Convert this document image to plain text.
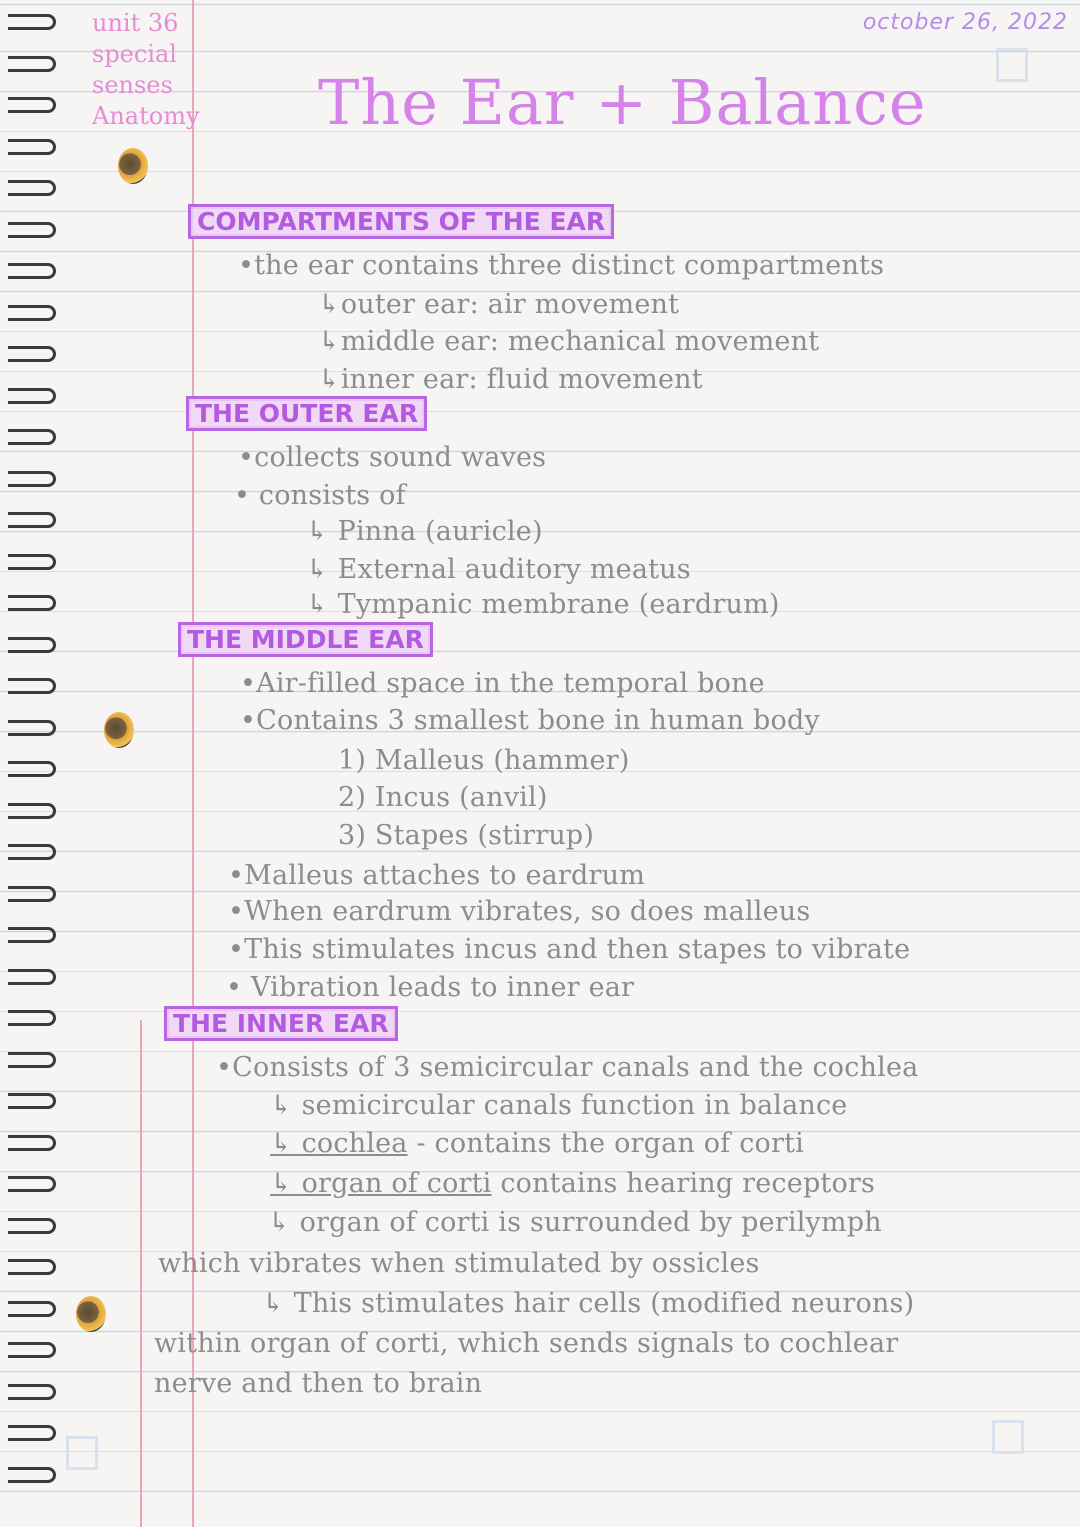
unit 36
special
senses
Anatomy
october 26, 2022
The Ear + Balance
COMPARTMENTS OF THE EAR
•the ear contains three distinct compartments
↳outer ear: air movement
↳middle ear: mechanical movement
↳inner ear: fluid movement
THE OUTER EAR
•collects sound waves
• consists of
↳ Pinna (auricle)
↳ External auditory meatus
↳ Tympanic membrane (eardrum)
THE MIDDLE EAR
•Air-filled space in the temporal bone
•Contains 3 smallest bone in human body
1) Malleus (hammer)
2) Incus (anvil)
3) Stapes (stirrup)
•Malleus attaches to eardrum
•When eardrum vibrates, so does malleus
•This stimulates incus and then stapes to vibrate
• Vibration leads to inner ear
THE INNER EAR
•Consists of 3 semicircular canals and the cochlea
↳ semicircular canals function in balance
↳ cochlea - contains the organ of corti
↳ organ of corti contains hearing receptors
↳ organ of corti is surrounded by perilymph
which vibrates when stimulated by ossicles
↳ This stimulates hair cells (modified neurons)
within organ of corti, which sends signals to cochlear
nerve and then to brain
